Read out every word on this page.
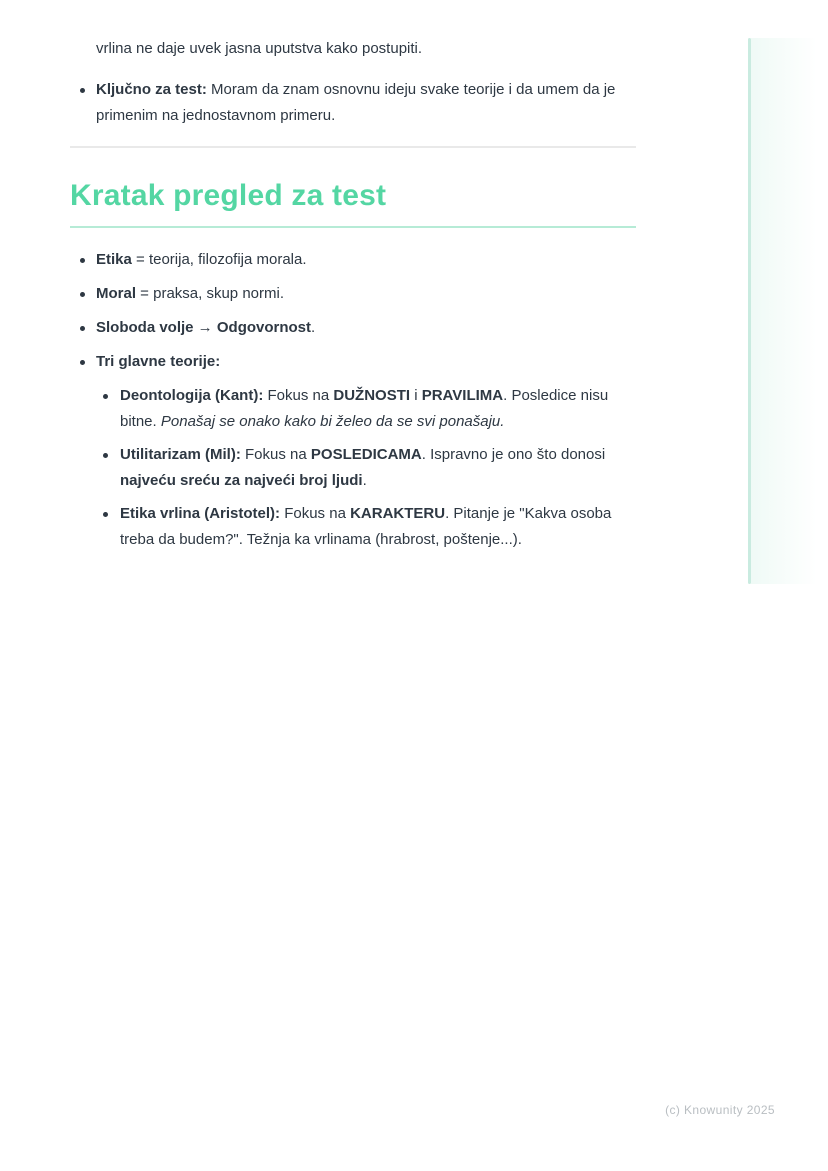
vrlina ne daje uvek jasna uputstva kako postupiti.

Ključno za test: Moram da znam osnovnu ideju svake teorije i da umem da je primenim na jednostavnom primeru.
Kratak pregled za test
Etika = teorija, filozofija morala.
Moral = praksa, skup normi.
Sloboda volje → Odgovornost.
Tri glavne teorije:
Deontologija (Kant): Fokus na DUŽNOSTI i PRAVILIMA. Posledice nisu bitne. Ponašaj se onako kako bi želeo da se svi ponašaju.
Utilitarizam (Mil): Fokus na POSLEDICAMA. Ispravno je ono što donosi najveću sreću za najveći broj ljudi.
Etika vrlina (Aristotel): Fokus na KARAKTERU. Pitanje je "Kakva osoba treba da budem?". Težnja ka vrlinama (hrabrost, poštenje...).
(c) Knowunity 2025
